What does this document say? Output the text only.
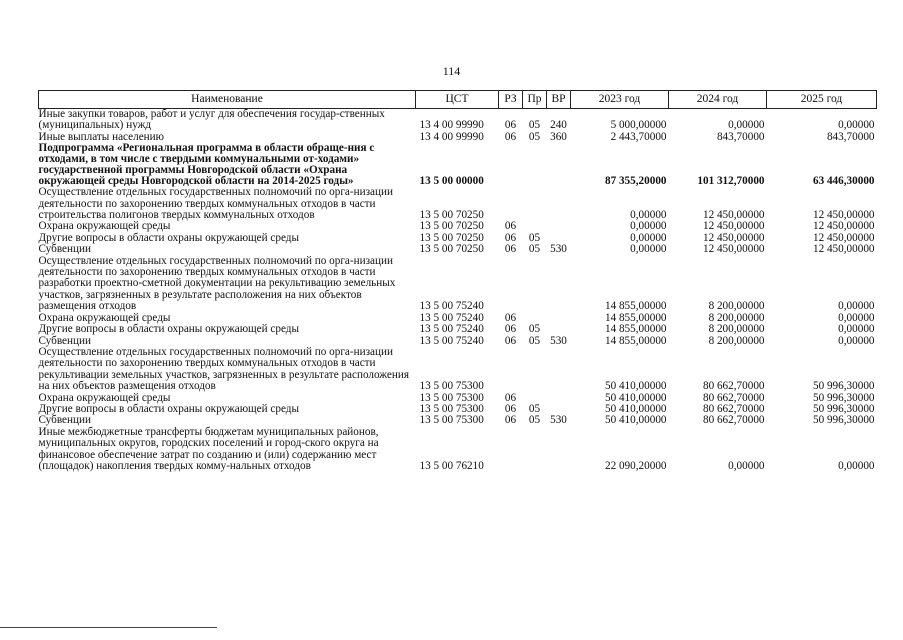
114
Наименование	ЦСТ	РЗ	Пр	ВР	2023 год	2024 год	2025 год
Иные закупки товаров, работ и услуг для обеспечения государ-ственных (муниципальных) нужд	13 4 00 99990	06	05	240	5 000,00000	0,00000	0,00000
Иные выплаты населению	13 4 00 99990	06	05	360	2 443,70000	843,70000	843,70000
Подпрограмма «Региональная программа в области обраще-ния с отходами, в том числе с твердыми коммунальными от-ходами» государственной программы Новгородской области «Охрана окружающей среды Новгородской области на 2014-2025 годы»	13 5 00 00000				87 355,20000	101 312,70000	63 446,30000
Осуществление отдельных государственных полномочий по орга-низации деятельности по захоронению твердых коммунальных отходов в части строительства полигонов твердых коммунальных отходов	13 5 00 70250				0,00000	12 450,00000	12 450,00000
Охрана окружающей среды	13 5 00 70250	06			0,00000	12 450,00000	12 450,00000
Другие вопросы в области охраны окружающей среды	13 5 00 70250	06	05		0,00000	12 450,00000	12 450,00000
Субвенции	13 5 00 70250	06	05	530	0,00000	12 450,00000	12 450,00000
Осуществление отдельных государственных полномочий по орга-низации деятельности по захоронению твердых коммунальных отходов в части разработки проектно-сметной документации на рекультивацию земельных участков, загрязненных в результате расположения на них объектов размещения отходов	13 5 00 75240				14 855,00000	8 200,00000	0,00000
Охрана окружающей среды	13 5 00 75240	06			14 855,00000	8 200,00000	0,00000
Другие вопросы в области охраны окружающей среды	13 5 00 75240	06	05		14 855,00000	8 200,00000	0,00000
Субвенции	13 5 00 75240	06	05	530	14 855,00000	8 200,00000	0,00000
Осуществление отдельных государственных полномочий по орга-низации деятельности по захоронению твердых коммунальных отходов в части рекультивации земельных участков, загрязненных в результате расположения на них объектов размещения отходов	13 5 00 75300				50 410,00000	80 662,70000	50 996,30000
Охрана окружающей среды	13 5 00 75300	06			50 410,00000	80 662,70000	50 996,30000
Другие вопросы в области охраны окружающей среды	13 5 00 75300	06	05		50 410,00000	80 662,70000	50 996,30000
Субвенции	13 5 00 75300	06	05	530	50 410,00000	80 662,70000	50 996,30000
Иные межбюджетные трансферты бюджетам муниципальных районов, муниципальных округов, городских поселений и город-ского округа на финансовое обеспечение затрат по созданию и (или) содержанию мест (площадок) накопления твердых комму-нальных отходов	13 5 00 76210				22 090,20000	0,00000	0,00000
